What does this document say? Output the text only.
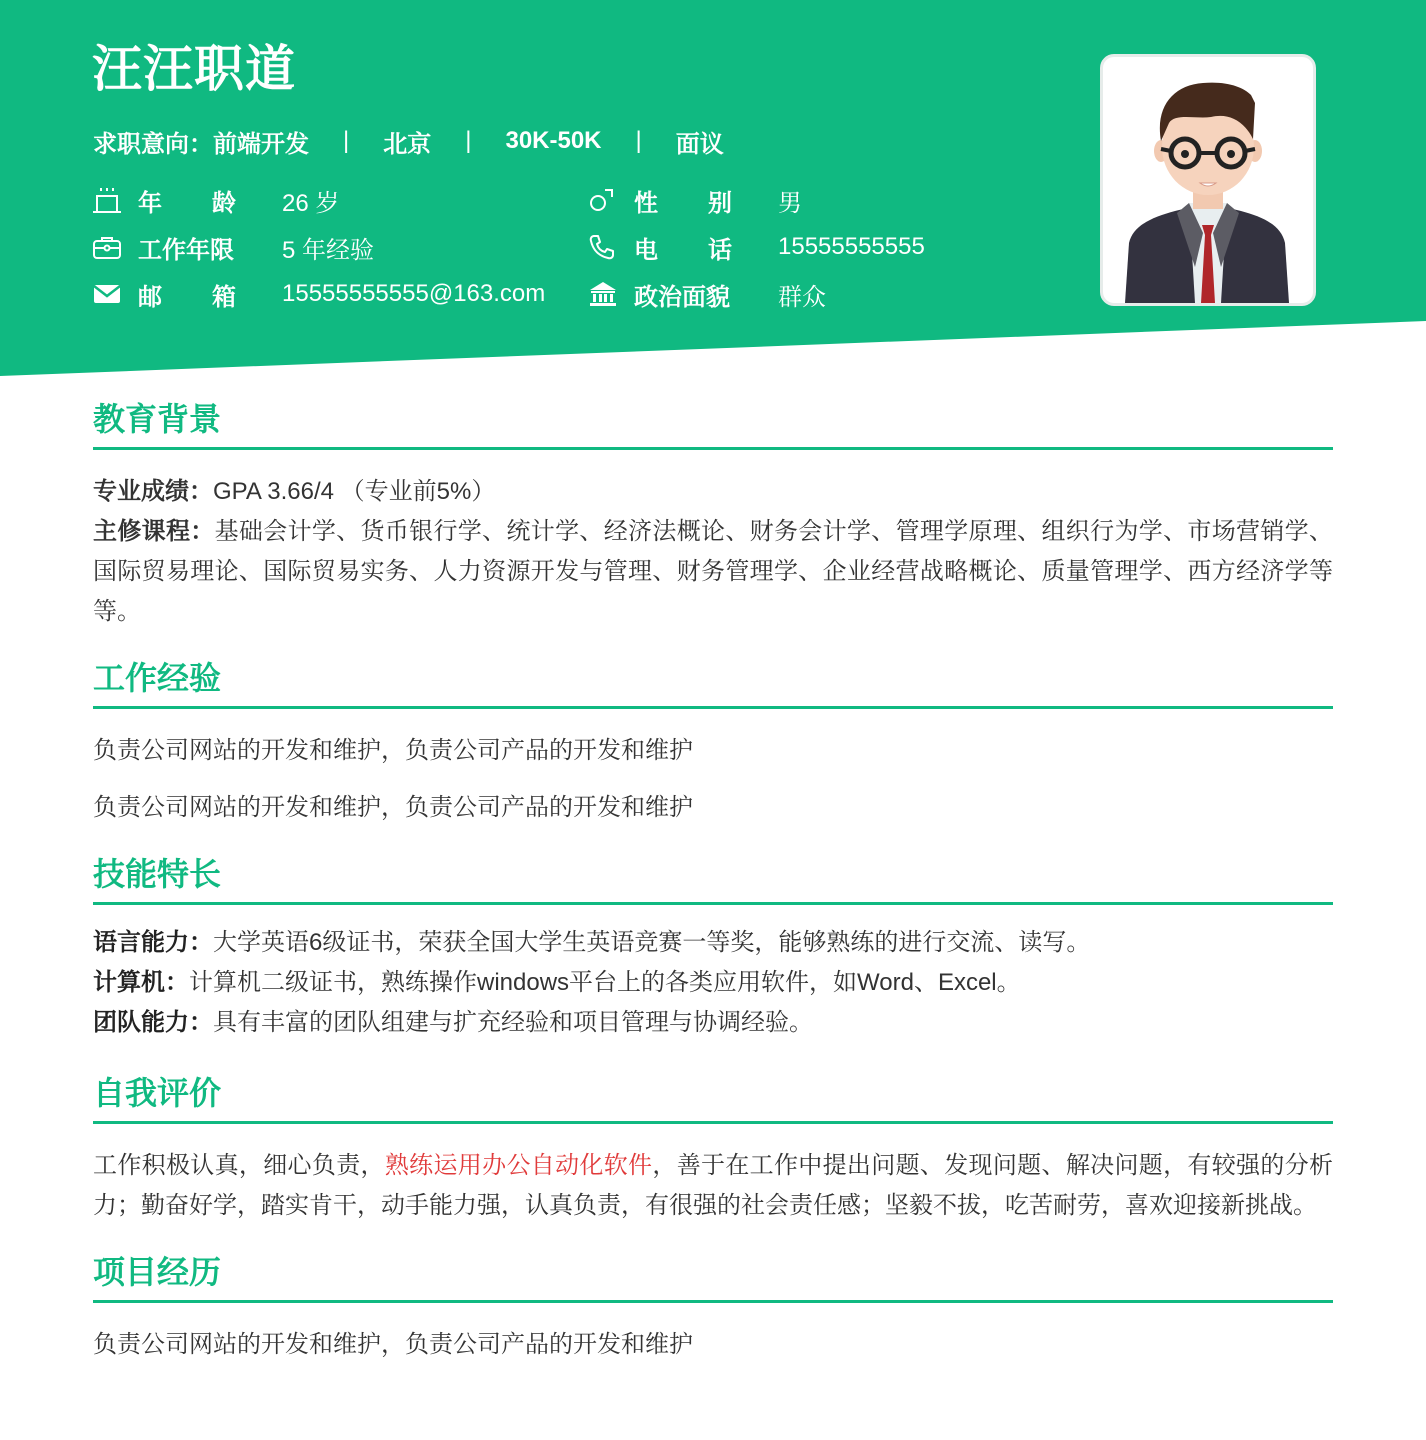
汪汪职道
求职意向： 前端开发 | 北京 | 30K-50K | 面议
年 龄 26 岁	性 别 男
工作年限	5 年经验	电 话 15555555555
邮 箱 15555555555@163.com	政治面貌	群众
教育背景
专业成绩：GPA 3.66/4 （专业前5%）
主修课程：基础会计学、货币银行学、统计学、经济法概论、财务会计学、管理学原理、组织行为学、市场营销学、国际贸易理论、国际贸易实务、人力资源开发与管理、财务管理学、企业经营战略概论、质量管理学、西方经济学等等。
工作经验
负责公司网站的开发和维护，负责公司产品的开发和维护
负责公司网站的开发和维护，负责公司产品的开发和维护
技能特长
语言能力：大学英语6级证书，荣获全国大学生英语竞赛一等奖，能够熟练的进行交流、读写。
计算机：计算机二级证书，熟练操作windows平台上的各类应用软件，如Word、Excel。
团队能力：具有丰富的团队组建与扩充经验和项目管理与协调经验。
自我评价
工作积极认真，细心负责，熟练运用办公自动化软件，善于在工作中提出问题、发现问题、解决问题，有较强的分析力；勤奋好学，踏实肯干，动手能力强，认真负责，有很强的社会责任感；坚毅不拔，吃苦耐劳，喜欢迎接新挑战。
项目经历
负责公司网站的开发和维护，负责公司产品的开发和维护
